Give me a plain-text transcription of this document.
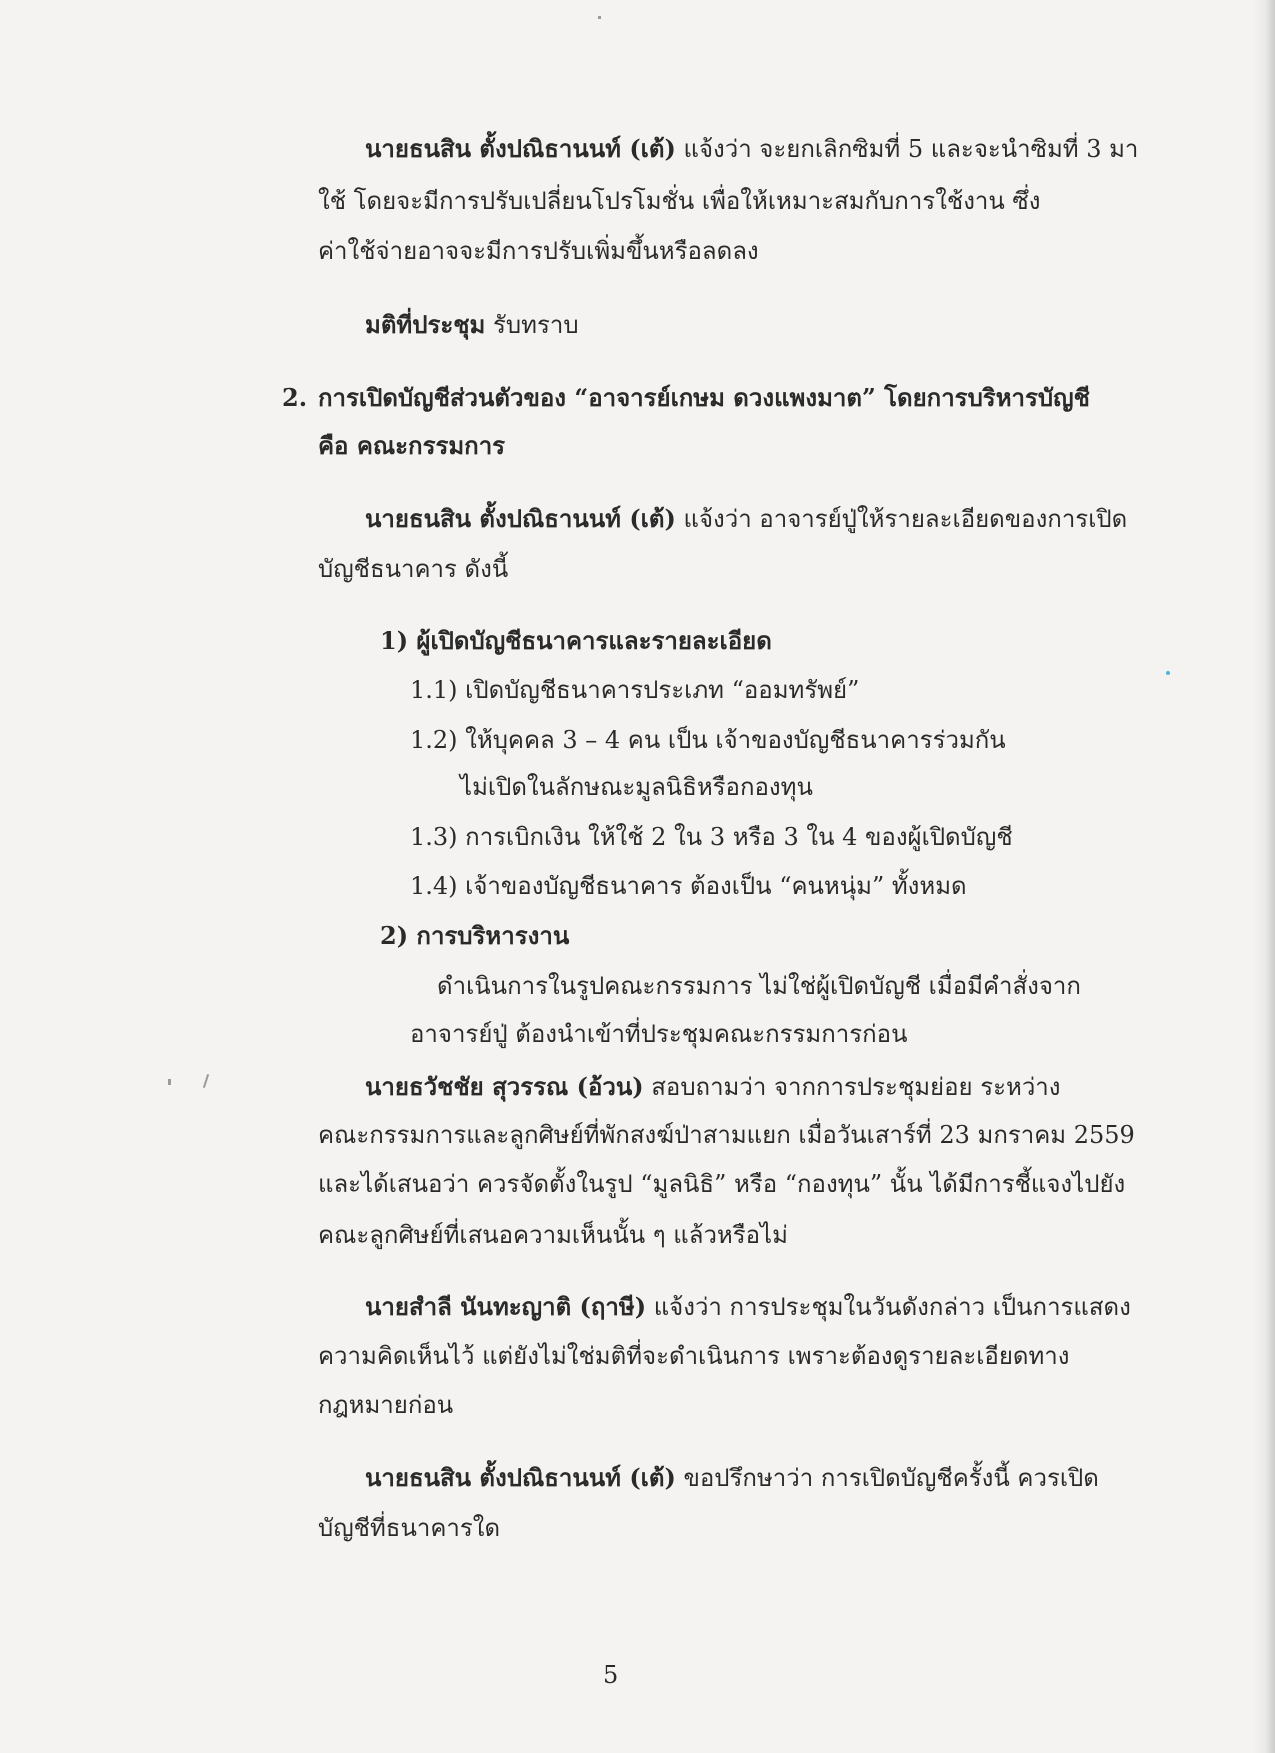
นายธนสิน ตั้งปณิธานนท์ (เต้) แจ้งว่า จะยกเลิกซิมที่ 5 และจะนำซิมที่ 3 มา
ใช้ โดยจะมีการปรับเปลี่ยนโปรโมชั่น เพื่อให้เหมาะสมกับการใช้งาน ซึ่ง
ค่าใช้จ่ายอาจจะมีการปรับเพิ่มขึ้นหรือลดลง
มติที่ประชุม รับทราบ
2. การเปิดบัญชีส่วนตัวของ “อาจารย์เกษม ดวงแพงมาต” โดยการบริหารบัญชี
คือ คณะกรรมการ
นายธนสิน ตั้งปณิธานนท์ (เต้) แจ้งว่า อาจารย์ปู่ให้รายละเอียดของการเปิด
บัญชีธนาคาร ดังนี้
1) ผู้เปิดบัญชีธนาคารและรายละเอียด
1.1) เปิดบัญชีธนาคารประเภท “ออมทรัพย์”
1.2) ให้บุคคล 3 – 4 คน เป็น เจ้าของบัญชีธนาคารร่วมกัน
ไม่เปิดในลักษณะมูลนิธิหรือกองทุน
1.3) การเบิกเงิน ให้ใช้ 2 ใน 3 หรือ 3 ใน 4 ของผู้เปิดบัญชี
1.4) เจ้าของบัญชีธนาคาร ต้องเป็น “คนหนุ่ม” ทั้งหมด
2) การบริหารงาน
ดำเนินการในรูปคณะกรรมการ ไม่ใช่ผู้เปิดบัญชี เมื่อมีคำสั่งจาก
อาจารย์ปู่ ต้องนำเข้าที่ประชุมคณะกรรมการก่อน
นายธวัชชัย สุวรรณ (อ้วน) สอบถามว่า จากการประชุมย่อย ระหว่าง
คณะกรรมการและลูกศิษย์ที่พักสงฆ์ป่าสามแยก เมื่อวันเสาร์ที่ 23 มกราคม 2559
และได้เสนอว่า ควรจัดตั้งในรูป “มูลนิธิ” หรือ “กองทุน” นั้น ได้มีการชี้แจงไปยัง
คณะลูกศิษย์ที่เสนอความเห็นนั้น ๆ แล้วหรือไม่
นายสำลี นันทะญาติ (ฤาษี) แจ้งว่า การประชุมในวันดังกล่าว เป็นการแสดง
ความคิดเห็นไว้ แต่ยังไม่ใช่มติที่จะดำเนินการ เพราะต้องดูรายละเอียดทาง
กฎหมายก่อน
นายธนสิน ตั้งปณิธานนท์ (เต้) ขอปรึกษาว่า การเปิดบัญชีครั้งนี้ ควรเปิด
บัญชีที่ธนาคารใด
5
